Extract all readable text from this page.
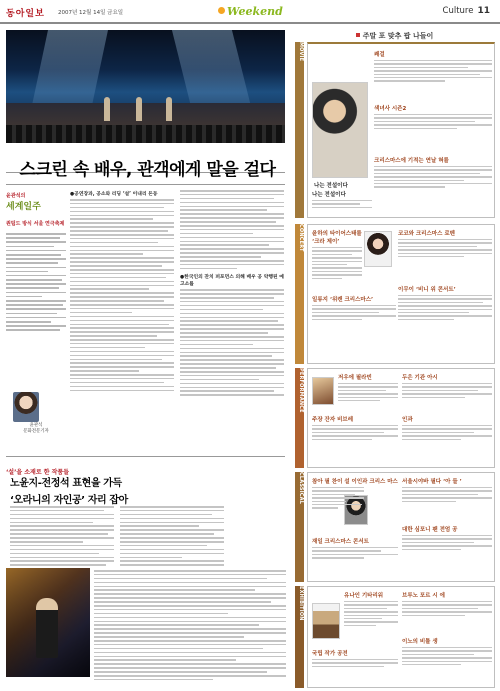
동아일보 2007년 12월 14일 금요일	Weekend	Culture 11
스크린 속 배우, 관객에게 말을 걸다
윤관석의
세계일주
퀀텀드 방식 서울 연극축제
윤관석
문화전문기자
●공연장과, 공소와 리딩 ‘설’ 이내리 돈동
●한국인의 잔치 퍼포먼스 의해 배우 공 약행된 예고소를
‘설’을 소재로 한 작품들
노윤지-전정석 표현을 가득
‘오라니의 자인공’ 자리 잡아
주말 포 맞추 팝 나들이
MOVIE
나는 전설이다
쾌걸
색녀사 시즌2
나는 전설이다
크리스마스에 기적는 연날 혀를
CONCERT 윤하의 타이어스태를 ‘크라 제이’
코코와 크리스마스 로벤
일류지 ‘위캔 크리스마스’
이무이 ‘비니 위 콘서트’
PERFORMANCE	저우에 필라빈
주장 잔자 비브레
두은 기관 아시
인과
CLASSICAL 참아 필 찬이 설 이인과 크리스 마스
재일 크리스마스 콘서트
서울시야바 필다 ‘아 들 ’
대한 심포니 팬 전엄 공
EXHIBITION	유나인 기타리워
국립 작가 공전
브루노 포르 시 에
이노의 비틀 생
